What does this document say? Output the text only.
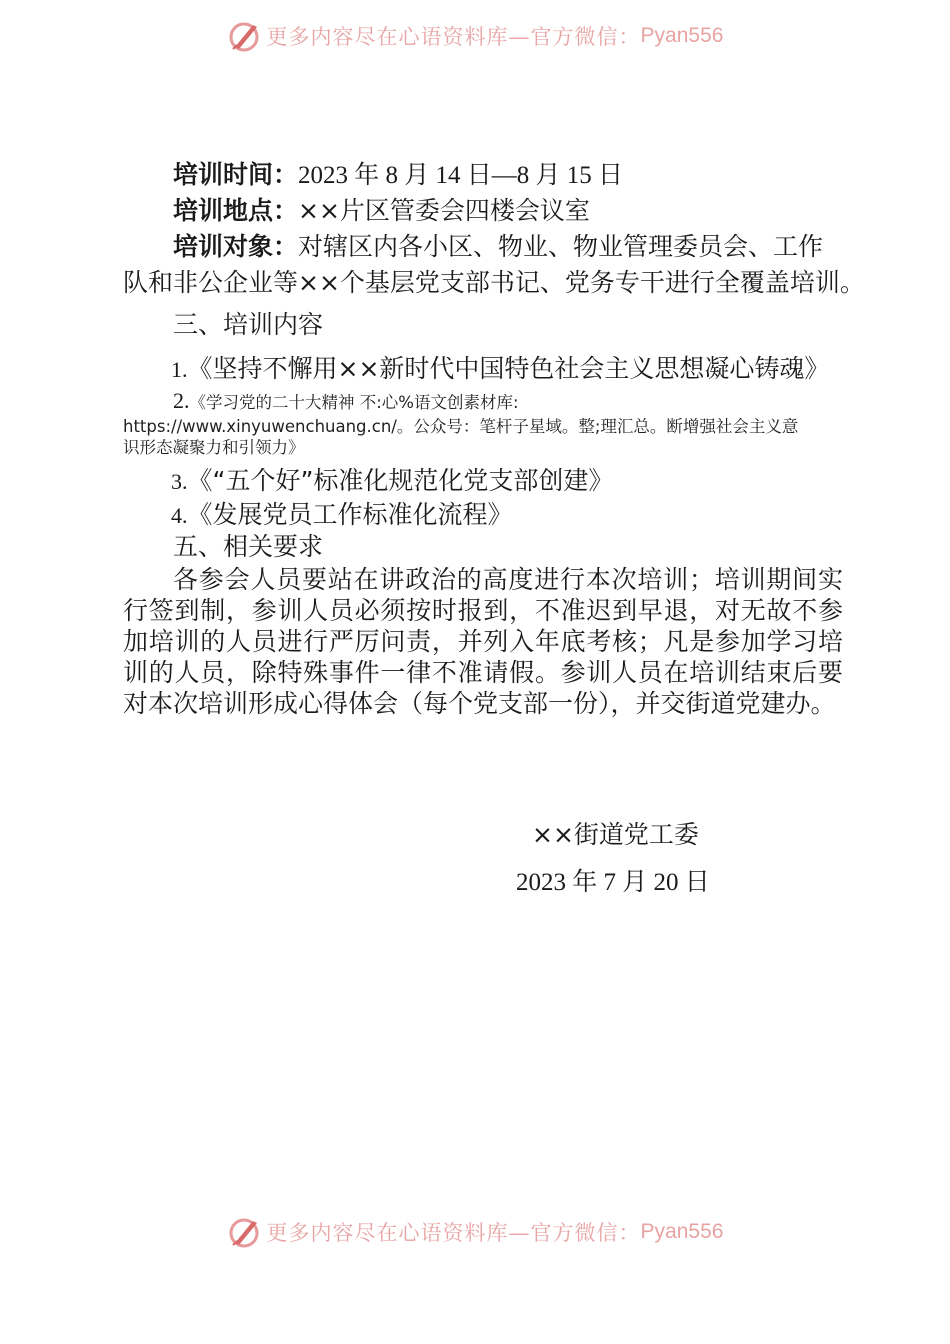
更多内容尽在心语资料库—官方微信： Pyan556
培训时间：2023 年 8 月 14 日—8 月 15 日
培训地点：××片区管委会四楼会议室
培训对象：对辖区内各小区、物业、物业管理委员会、工作
队和非公企业等××个基层党支部书记、党务专干进行全覆盖培训。
三、培训内容
1.《坚持不懈用××新时代中国特色社会主义思想凝心铸魂》
2.《学习党的二十大精神 不:心%语文创素材库:
https://www.xinyuwenchuang.cn/。公众号：笔杆子星域。整;理汇总。断增强社会主义意
识形态凝聚力和引领力》
3.《“五个好”标准化规范化党支部创建》
4.《发展党员工作标准化流程》
五、相关要求
各参会人员要站在讲政治的高度进行本次培训；培训期间实行签到制，参训人员必须按时报到，不准迟到早退，对无故不参加培训的人员进行严厉问责，并列入年底考核；凡是参加学习培训的人员，除特殊事件一律不准请假。参训人员在培训结束后要对本次培训形成心得体会（每个党支部一份），并交街道党建办。
××街道党工委
2023 年 7 月 20 日
更多内容尽在心语资料库—官方微信： Pyan556
